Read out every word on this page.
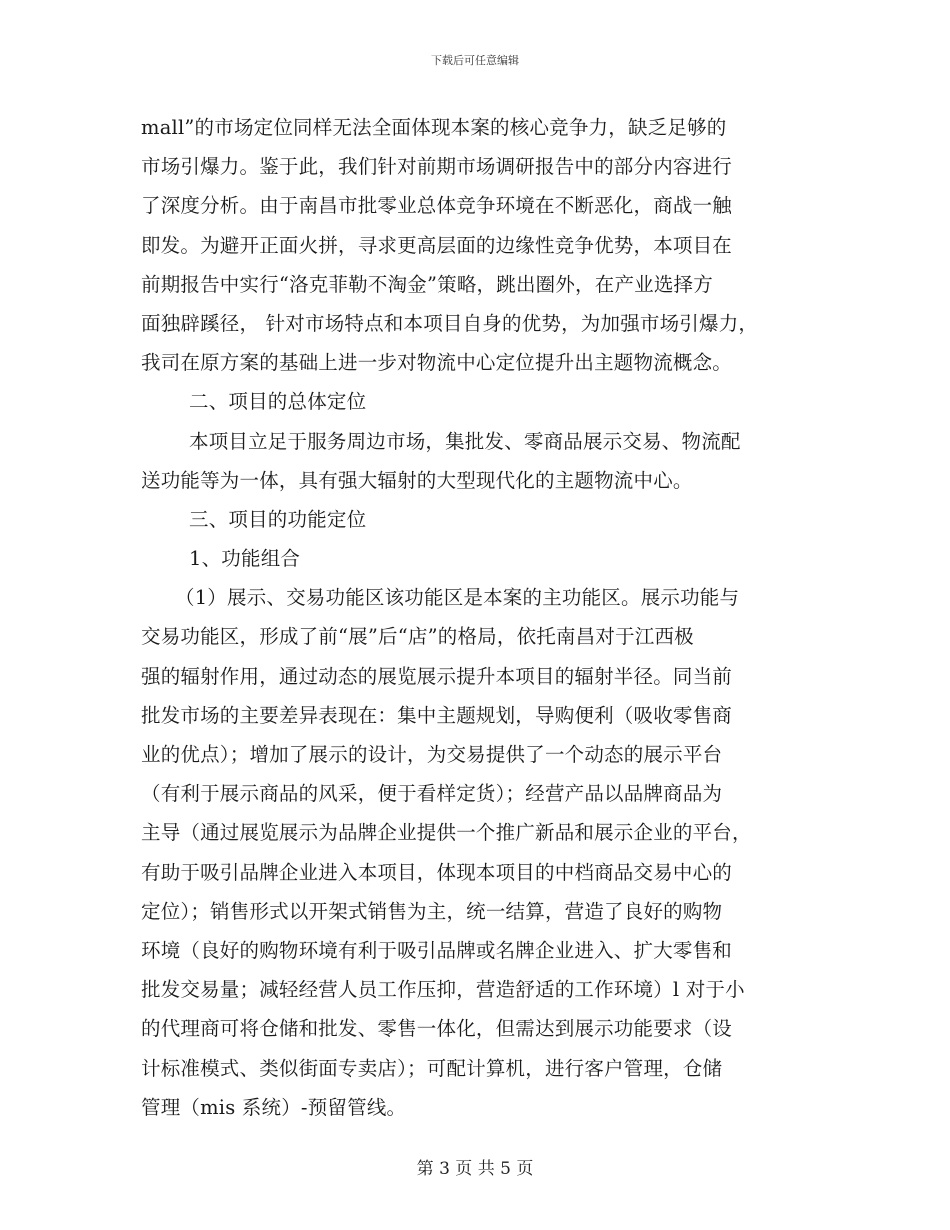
下载后可任意编辑
mall”的市场定位同样无法全面体现本案的核心竞争力，缺乏足够的
市场引爆力。鉴于此，我们针对前期市场调研报告中的部分内容进行
了深度分析。由于南昌市批零业总体竞争环境在不断恶化，商战一触
即发。为避开正面火拼，寻求更高层面的边缘性竞争优势，本项目在
前期报告中实行“洛克菲勒不淘金”策略，跳出圈外，在产业选择方
面独辟蹊径， 针对市场特点和本项目自身的优势，为加强市场引爆力，
我司在原方案的基础上进一步对物流中心定位提升出主题物流概念。
二、项目的总体定位
本项目立足于服务周边市场，集批发、零商品展示交易、物流配
送功能等为一体，具有强大辐射的大型现代化的主题物流中心。
三、项目的功能定位
1、功能组合
（1）展示、交易功能区该功能区是本案的主功能区。展示功能与
交易功能区，形成了前“展”后“店”的格局，依托南昌对于江西极
强的辐射作用，通过动态的展览展示提升本项目的辐射半径。同当前
批发市场的主要差异表现在：集中主题规划，导购便利（吸收零售商
业的优点）；增加了展示的设计，为交易提供了一个动态的展示平台
（有利于展示商品的风采，便于看样定货）；经营产品以品牌商品为
主导（通过展览展示为品牌企业提供一个推广新品和展示企业的平台，
有助于吸引品牌企业进入本项目，体现本项目的中档商品交易中心的
定位）；销售形式以开架式销售为主，统一结算，营造了良好的购物
环境（良好的购物环境有利于吸引品牌或名牌企业进入、扩大零售和
批发交易量；减轻经营人员工作压抑，营造舒适的工作环境）l 对于小
的代理商可将仓储和批发、零售一体化，但需达到展示功能要求（设
计标准模式、类似街面专卖店）；可配计算机，进行客户管理，仓储
管理（mis 系统）-预留管线。
第 3 页 共 5 页
